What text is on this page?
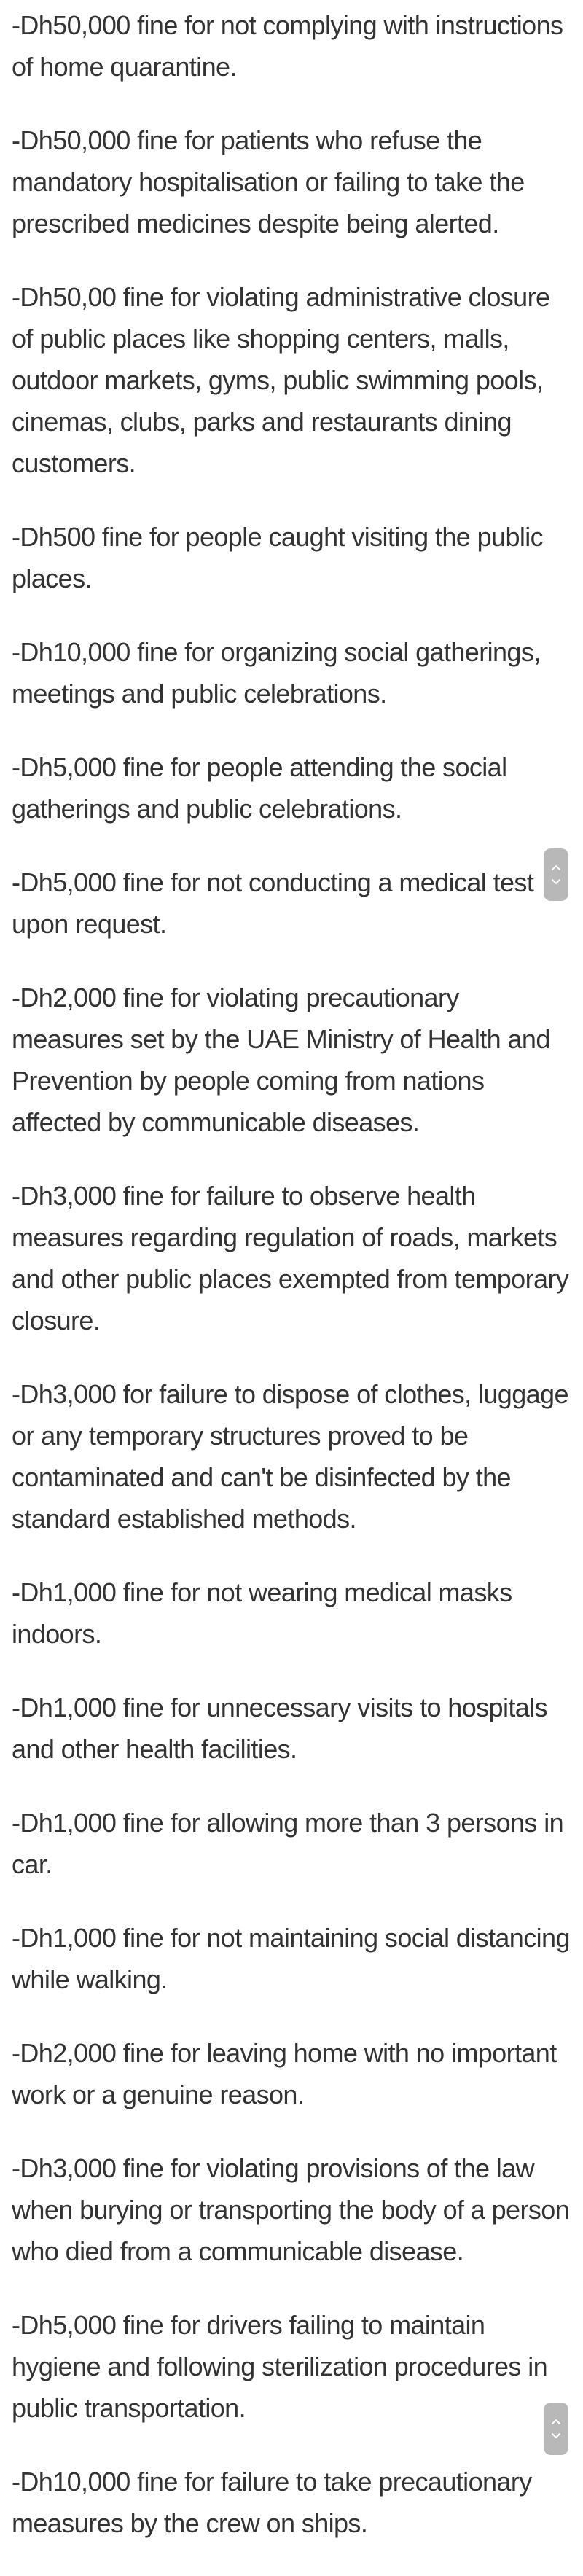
-Dh50,000 fine for not complying with instructions of home quarantine.

-Dh50,000 fine for patients who refuse the mandatory hospitalisation or failing to take the prescribed medicines despite being alerted.

-Dh50,00 fine for violating administrative closure of public places like shopping centers, malls, outdoor markets, gyms, public swimming pools, cinemas, clubs, parks and restaurants dining customers.

-Dh500 fine for people caught visiting the public places.

-Dh10,000 fine for organizing social gatherings, meetings and public celebrations.

-Dh5,000 fine for people attending the social gatherings and public celebrations.

-Dh5,000 fine for not conducting a medical test upon request.

-Dh2,000 fine for violating precautionary measures set by the UAE Ministry of Health and Prevention by people coming from nations affected by communicable diseases.

-Dh3,000 fine for failure to observe health measures regarding regulation of roads, markets and other public places exempted from temporary closure.

-Dh3,000 for failure to dispose of clothes, luggage or any temporary structures proved to be contaminated and can't be disinfected by the standard established methods.

-Dh1,000 fine for not wearing medical masks indoors.

-Dh1,000 fine for unnecessary visits to hospitals and other health facilities.

-Dh1,000 fine for allowing more than 3 persons in car.

-Dh1,000 fine for not maintaining social distancing while walking.

-Dh2,000 fine for leaving home with no important work or a genuine reason.

-Dh3,000 fine for violating provisions of the law when burying or transporting the body of a person who died from a communicable disease.

-Dh5,000 fine for drivers failing to maintain hygiene and following sterilization procedures in public transportation.

-Dh10,000 fine for failure to take precautionary measures by the crew on ships.
